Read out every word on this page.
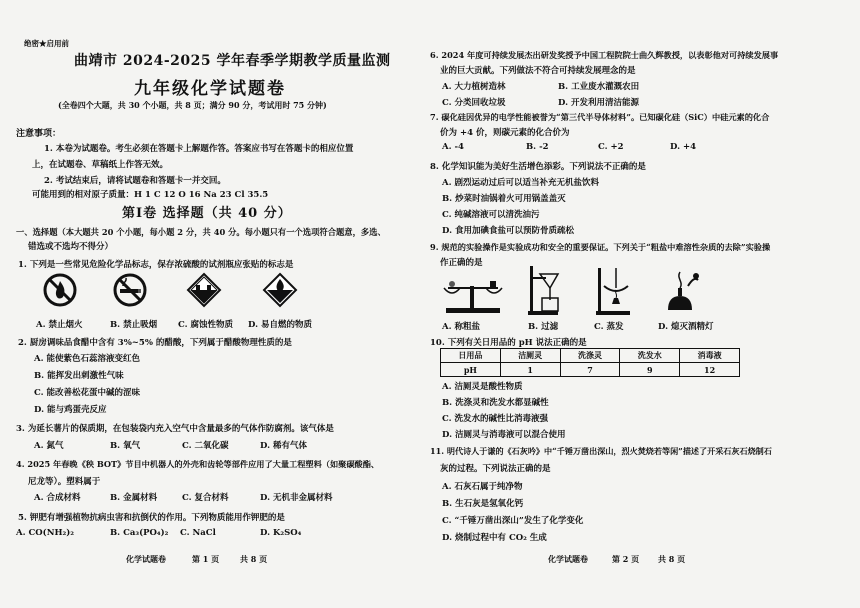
绝密★启用前
曲靖市 2024-2025 学年春季学期教学质量监测
九年级化学试题卷
(全卷四个大题，共 30 个小题，共 8 页；满分 90 分，考试用时 75 分钟)
注意事项：
1. 本卷为试题卷。考生必须在答题卡上解题作答。答案应书写在答题卡的相应位置
上，在试题卷、草稿纸上作答无效。
2. 考试结束后，请将试题卷和答题卡一并交回。
可能用到的相对原子质量：H 1 C 12 O 16 Na 23 Cl 35.5
第Ⅰ卷 选择题（共 40 分）
一、选择题（本大题共 20 个小题，每小题 2 分，共 40 分。每小题只有一个选项符合题意，多选、
错选或不选均不得分）
1. 下列是一些常见危险化学品标志，保存浓硫酸的试剂瓶应张贴的标志是
A. 禁止烟火	B. 禁止吸烟 C. 腐蚀性物质 D. 易自燃的物质
2. 厨房调味品食醋中含有 3%~5% 的醋酸，下列属于醋酸物理性质的是
A. 能使紫色石蕊溶液变红色
B. 能挥发出刺激性气味
C. 能改善松花蛋中碱的涩味
D. 能与鸡蛋壳反应
3. 为延长薯片的保质期，在包装袋内充入空气中含量最多的气体作防腐剂。该气体是
A. 氮气	B. 氧气	C. 二氧化碳	D. 稀有气体
4. 2025 年春晚《秧 BOT》节目中机器人的外壳和齿轮等部件应用了大量工程塑料（如聚碳酸酯、
尼龙等）。塑料属于
A. 合成材料	B. 金属材料	C. 复合材料	D. 无机非金属材料
5. 钾肥有增强植物抗病虫害和抗倒伏的作用。下列物质能用作钾肥的是
A. CO(NH₂)₂	B. Ca₃(PO₄)₂ C. NaCl	D. K₂SO₄
化学试题卷	第 1 页	共 8 页
6. 2024 年度可持续发展杰出研发奖授予中国工程院院士曲久辉教授，以表彰他对可持续发展事
业的巨大贡献。下列做法不符合可持续发展理念的是
A. 大力植树造林	B. 工业废水灌溉农田
C. 分类回收垃圾	D. 开发利用清洁能源
7. 碳化硅因优异的电学性能被誉为“第三代半导体材料”。已知碳化硅（SiC）中硅元素的化合
价为 +4 价，则碳元素的化合价为
A. -4	B. -2	C. +2	D. +4
8. 化学知识能为美好生活增色添彩。下列说法不正确的是
A. 剧烈运动过后可以适当补充无机盐饮料
B. 炒菜时油锅着火可用锅盖盖灭
C. 纯碱溶液可以清洗油污
D. 食用加碘食盐可以预防骨质疏松
9. 规范的实验操作是实验成功和安全的重要保证。下列关于“粗盐中难溶性杂质的去除”实验操
作正确的是
A. 称粗盐	B. 过滤	C. 蒸发	D. 熄灭酒精灯
10. 下列有关日用品的 pH 说法正确的是
日用品	洁厕灵	洗涤灵	洗发水	消毒液
pH	1	7	9	12
A. 洁厕灵是酸性物质
B. 洗涤灵和洗发水都显碱性
C. 洗发水的碱性比消毒液强
D. 洁厕灵与消毒液可以混合使用
11. 明代诗人于谦的《石灰吟》中“千锤万凿出深山，烈火焚烧若等闲”描述了开采石灰石烧制石
灰的过程。下列说法正确的是
A. 石灰石属于纯净物
B. 生石灰是氢氧化钙
C. “千锤万凿出深山”发生了化学变化
D. 烧制过程中有 CO₂ 生成
化学试题卷	第 2 页 共 8 页
